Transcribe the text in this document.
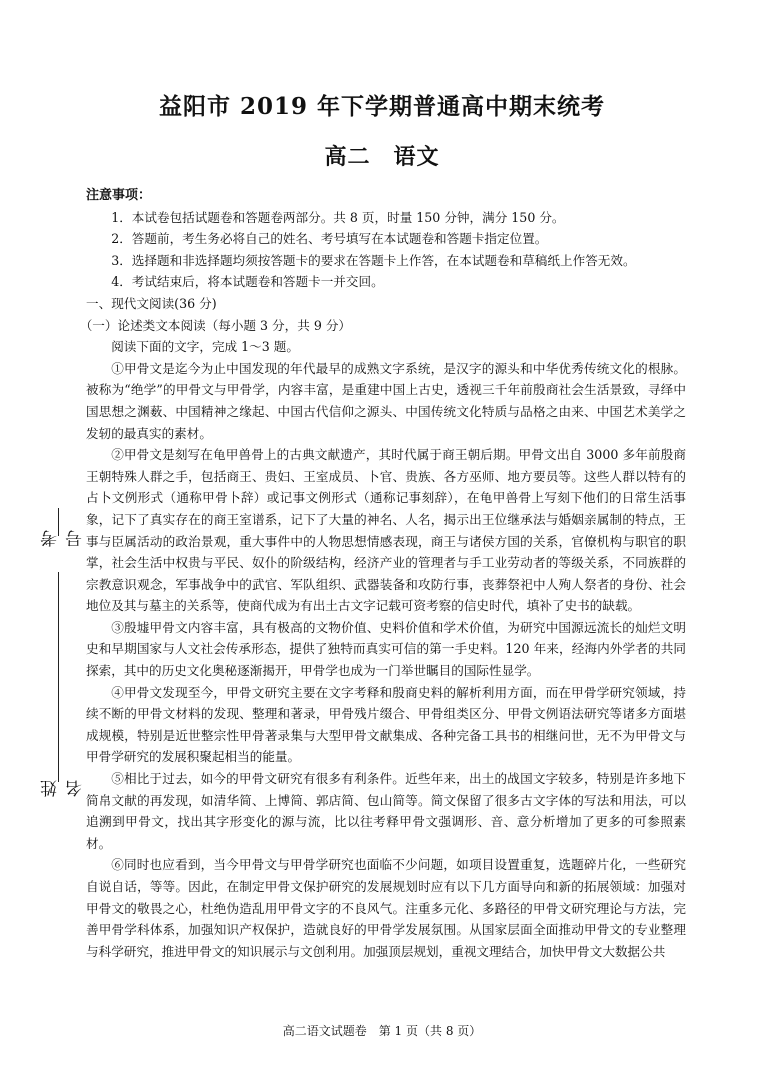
益阳市 2019 年下学期普通高中期末统考
高二　语文
考号
姓名

注意事项：

1．本试卷包括试题卷和答题卷两部分。共 8 页，时量 150 分钟，满分 150 分。

2．答题前，考生务必将自己的姓名、考号填写在本试题卷和答题卡指定位置。

3．选择题和非选择题均须按答题卡的要求在答题卡上作答，在本试题卷和草稿纸上作答无效。

4．考试结束后，将本试题卷和答题卡一并交回。

一、现代文阅读(36 分)

（一）论述类文本阅读（每小题 3 分，共 9 分）

阅读下面的文字，完成 1～3 题。

①甲骨文是迄今为止中国发现的年代最早的成熟文字系统，是汉字的源头和中华优秀传统文化的根脉。被称为“绝学”的甲骨文与甲骨学，内容丰富，是重建中国上古史，透视三千年前殷商社会生活景致，寻绎中国思想之渊薮、中国精神之缘起、中国古代信仰之源头、中国传统文化特质与品格之由来、中国艺术美学之发轫的最真实的素材。

②甲骨文是刻写在龟甲兽骨上的古典文献遗产，其时代属于商王朝后期。甲骨文出自 3000 多年前殷商王朝特殊人群之手，包括商王、贵妇、王室成员、卜官、贵族、各方巫师、地方要员等。这些人群以特有的占卜文例形式（通称甲骨卜辞）或记事文例形式（通称记事刻辞），在龟甲兽骨上写刻下他们的日常生活事象，记下了真实存在的商王室谱系，记下了大量的神名、人名，揭示出王位继承法与婚姻亲属制的特点，王事与臣属活动的政治景观，重大事件中的人物思想情感表现，商王与诸侯方国的关系，官僚机构与职官的职掌，社会生活中权贵与平民、奴仆的阶级结构，经济产业的管理者与手工业劳动者的等级关系，不同族群的宗教意识观念，军事战争中的武官、军队组织、武器装备和攻防行事，丧葬祭祀中人殉人祭者的身份、社会地位及其与墓主的关系等，使商代成为有出土古文字记载可资考察的信史时代，填补了史书的缺载。

③殷墟甲骨文内容丰富，具有极高的文物价值、史料价值和学术价值，为研究中国源远流长的灿烂文明史和早期国家与人文社会传承形态，提供了独特而真实可信的第一手史料。120 年来，经海内外学者的共同探索，其中的历史文化奥秘逐渐揭开，甲骨学也成为一门举世瞩目的国际性显学。

④甲骨文发现至今，甲骨文研究主要在文字考释和殷商史料的解析利用方面，而在甲骨学研究领域，持续不断的甲骨文材料的发现、整理和著录，甲骨残片缀合、甲骨组类区分、甲骨文例语法研究等诸多方面堪成规模，特别是近世整宗性甲骨著录集与大型甲骨文献集成、各种完备工具书的相继问世，无不为甲骨文与甲骨学研究的发展积聚起相当的能量。

⑤相比于过去，如今的甲骨文研究有很多有利条件。近些年来，出土的战国文字较多，特别是许多地下简帛文献的再发现，如清华简、上博简、郭店简、包山简等。简文保留了很多古文字体的写法和用法，可以追溯到甲骨文，找出其字形变化的源与流，比以往考释甲骨文强调形、音、意分析增加了更多的可参照素材。

⑥同时也应看到，当今甲骨文与甲骨学研究也面临不少问题，如项目设置重复，选题碎片化，一些研究自说自话，等等。因此，在制定甲骨文保护研究的发展规划时应有以下几方面导向和新的拓展领域：加强对甲骨文的敬畏之心，杜绝伪造乱用甲骨文字的不良风气。注重多元化、多路径的甲骨文研究理论与方法，完善甲骨学科体系，加强知识产权保护，造就良好的甲骨学发展氛围。从国家层面全面推动甲骨文的专业整理与科学研究，推进甲骨文的知识展示与文创利用。加强顶层规划，重视文理结合，加快甲骨文大数据公共

高二语文试题卷　第 1 页（共 8 页）
